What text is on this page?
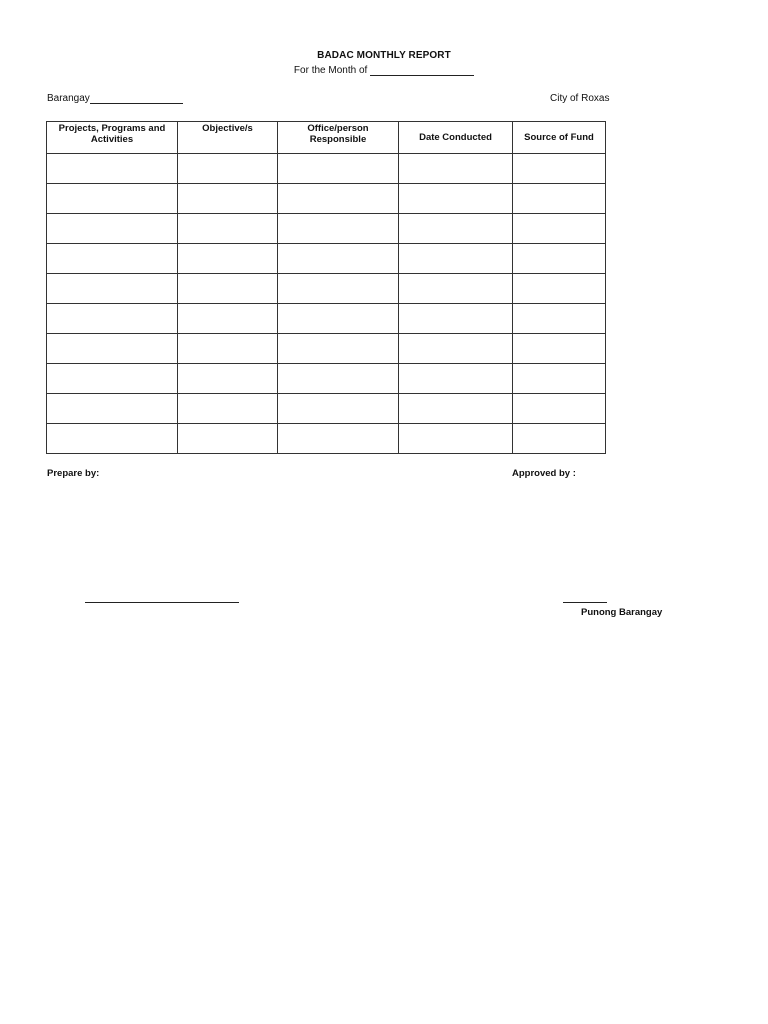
BADAC MONTHLY REPORT
For the Month of
Barangay	City of Roxas
Projects, Programs and Activities	Objective/s	Office/person Responsible	Date Conducted	Source of Fund

Prepare by:	Approved by :
Punong Barangay
